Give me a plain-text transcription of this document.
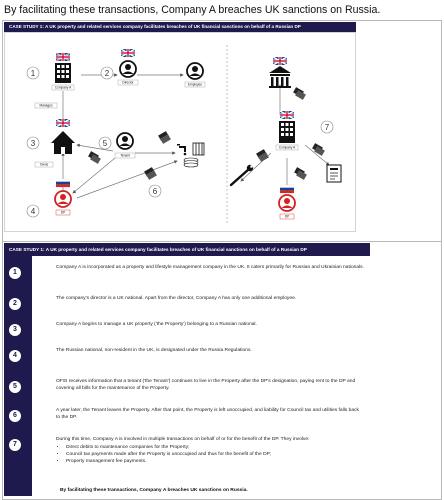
By facilitating these transactions, Company A breaches UK sanctions on Russia.
CASE STUDY 1: A UK property and related services company facilitates breaches of UK financial sanctions on behalf of a Russian DP
1	2
3
4
5
6
7
Company A
Director	Employee
Manages
Owns
Tenant
DP
Company A
DP
CASE STUDY 1: A UK property and related services company facilitates breaches of UK financial sanctions on behalf of a Russian DP
1
Company A is incorporated as a property and lifestyle management company in the UK. It caters primarily for Russian and Ukrainian nationals.
2
The company's director is a UK national. Apart from the director, Company A has only one additional employee.
3
Company A begins to manage a UK property ('the Property') belonging to a Russian national.
4
The Russian national, non-resident in the UK, is designated under the Russia Regulations.
5
OFSI receives information that a tenant ('the Tenant') continues to live in the Property after the DP's designation, paying rent to the DP and covering all bills for the maintenance of the Property.
6
A year later, the Tenant leaves the Property. After that point, the Property is left unoccupied, and liability for Council tax and utilities falls back to the DP.
7
During this time, Company A is involved in multiple transactions on behalf of or for the benefit of the DP. They involve:
• Direct debits to maintenance companies for the Property;
• Council tax payments made after the Property is unoccupied and thus for the benefit of the DP;
• Property management fee payments.
By facilitating these transactions, Company A breaches UK sanctions on Russia.
